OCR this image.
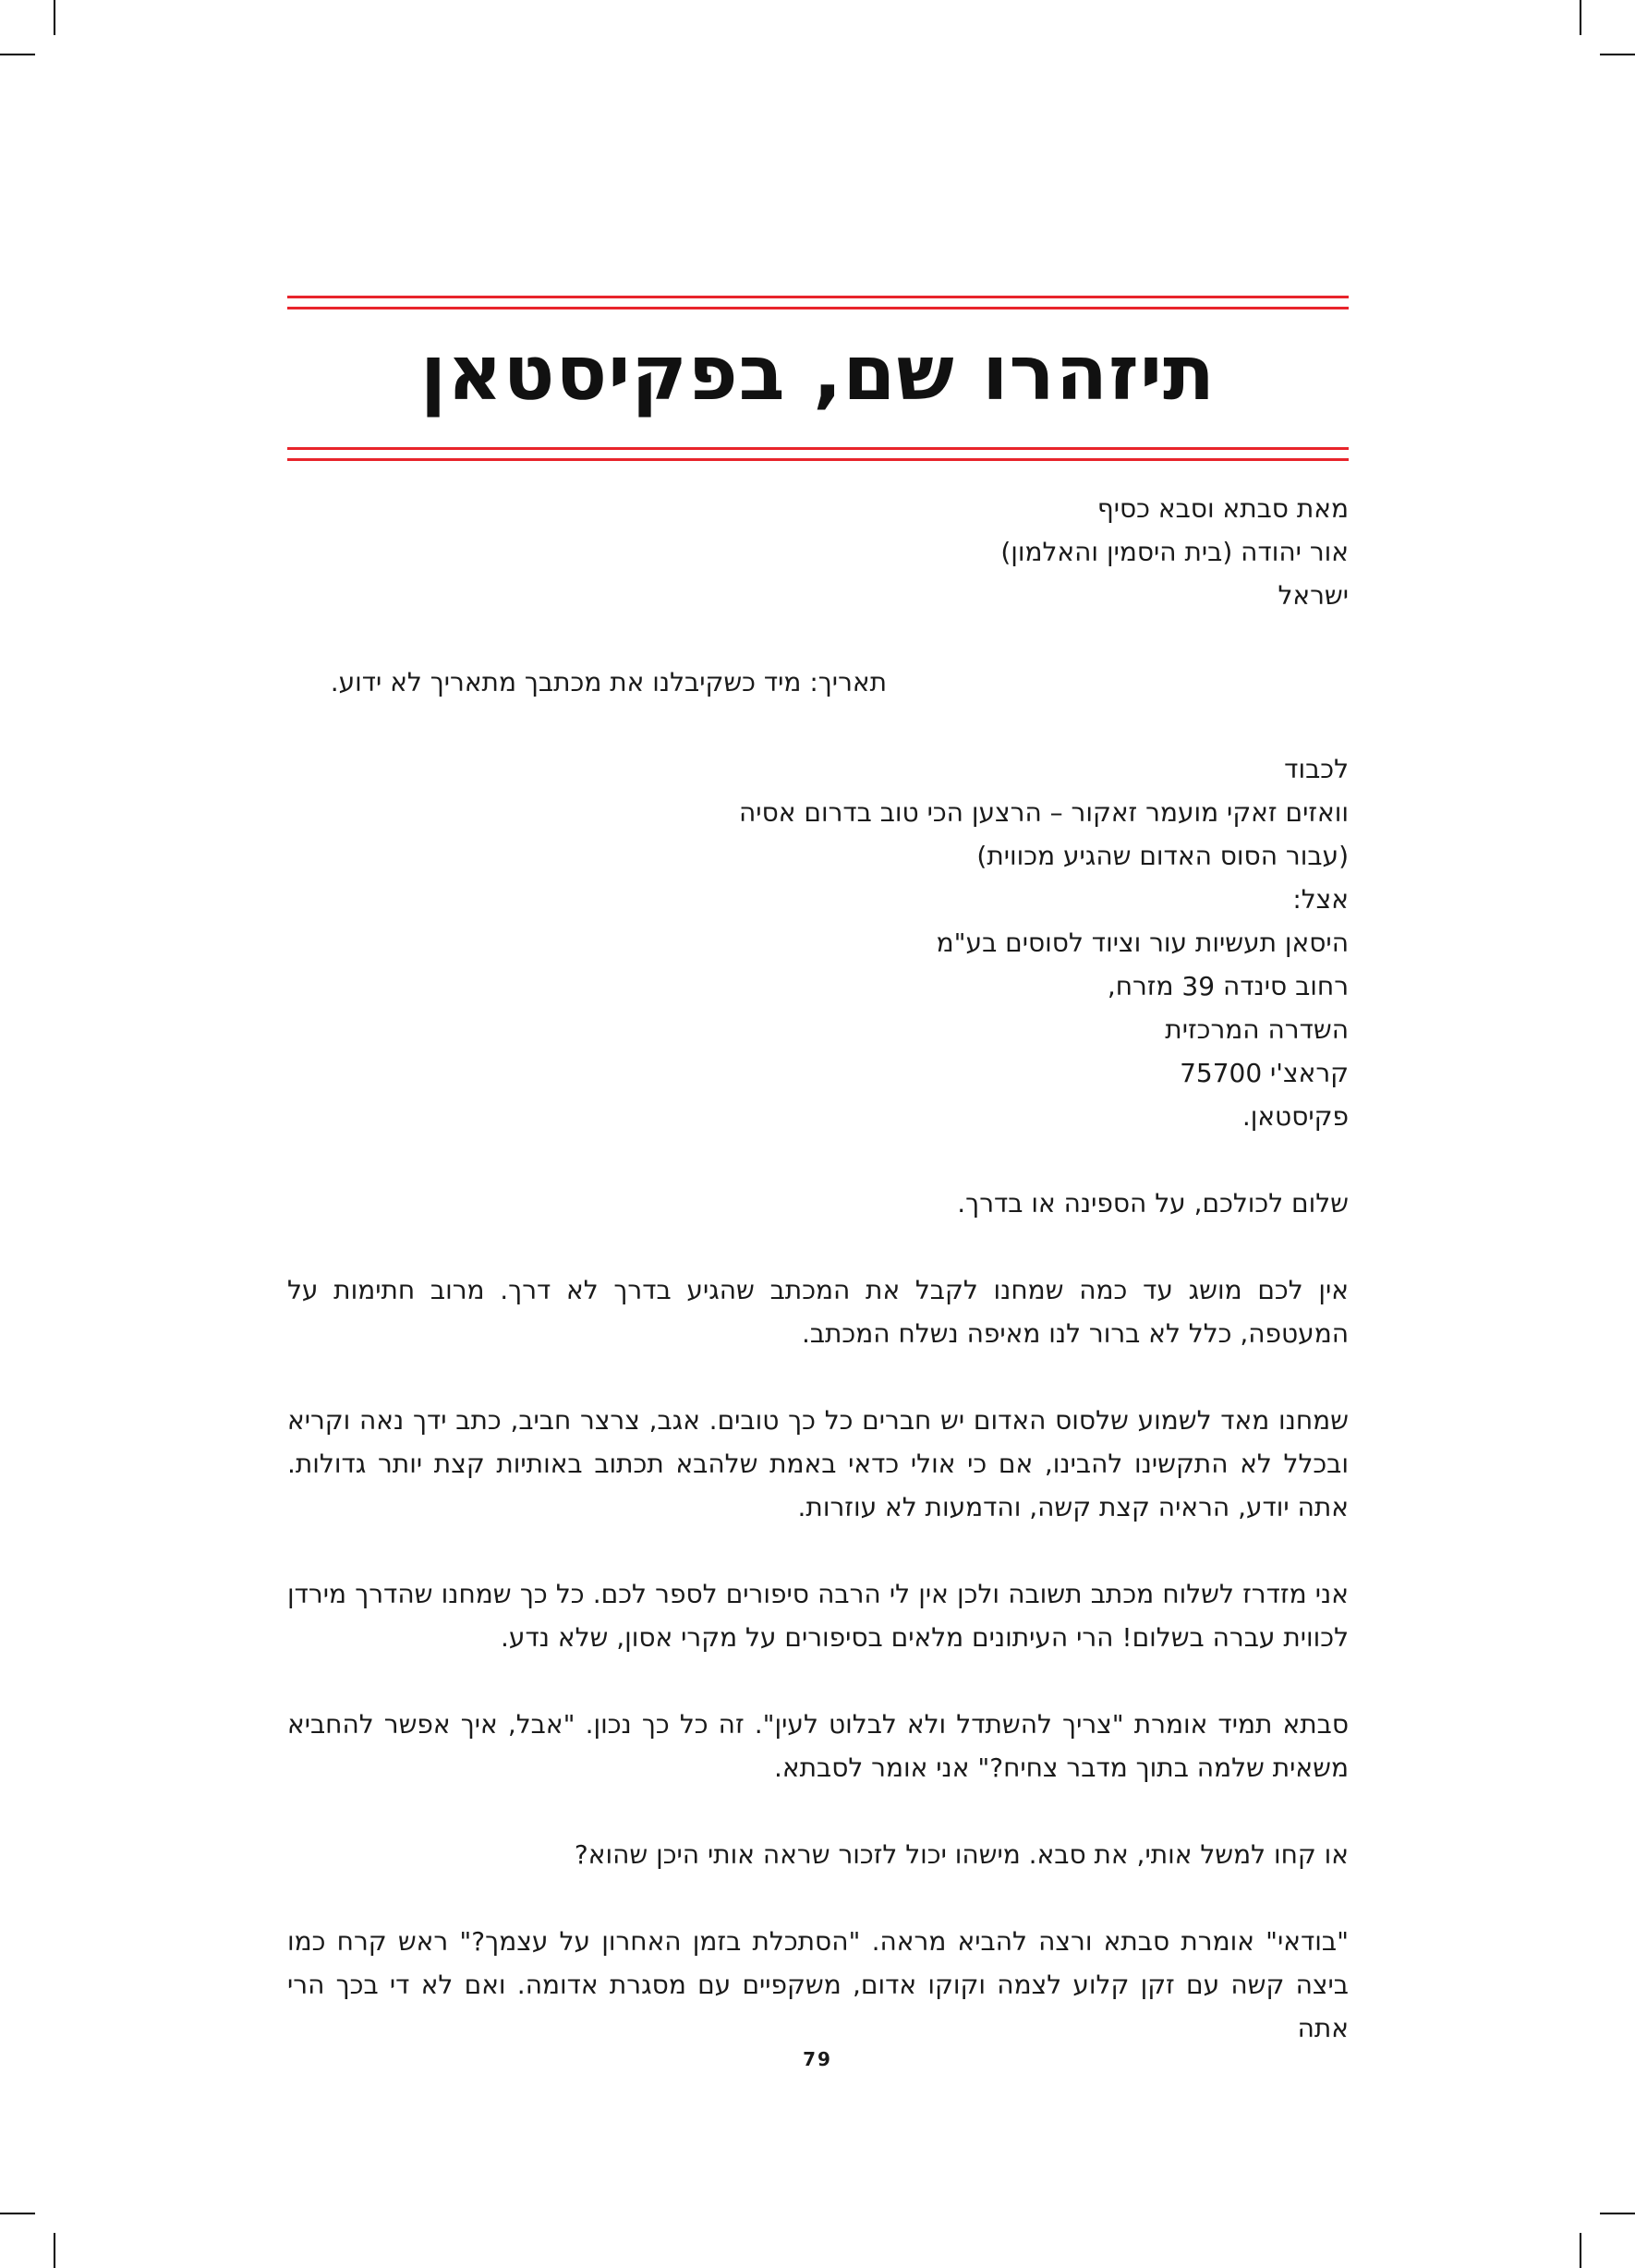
תיזהרו שם, בפקיסטאן
מאת סבתא וסבא כסיף
אור יהודה (בית היסמין והאלמון)
ישראל
תאריך: מיד כשקיבלנו את מכתבך מתאריך לא ידוע.
לכבוד
וואזים זאקי מועמר זאקור – הרצען הכי טוב בדרום אסיה
(עבור הסוס האדום שהגיע מכווית)
אצל:
היסאן תעשיות עור וציוד לסוסים בע"מ
רחוב סינדה 39 מזרח,
השדרה המרכזית
קראצ'י 75700
פקיסטאן.
שלום לכולכם, על הספינה או בדרך.

אין לכם מושג עד כמה שמחנו לקבל את המכתב שהגיע בדרך לא דרך. מרוב חתימות על המעטפה, כלל לא ברור לנו מאיפה נשלח המכתב.

שמחנו מאד לשמוע שלסוס האדום יש חברים כל כך טובים. אגב, צרצר חביב, כתב ידך נאה וקריא ובכלל לא התקשינו להבינו, אם כי אולי כדאי באמת שלהבא תכתוב באותיות קצת יותר גדולות. אתה יודע, הראיה קצת קשה, והדמעות לא עוזרות.

אני מזדרז לשלוח מכתב תשובה ולכן אין לי הרבה סיפורים לספר לכם. כל כך שמחנו שהדרך מירדן לכווית עברה בשלום! הרי העיתונים מלאים בסיפורים על מקרי אסון, שלא נדע.

סבתא תמיד אומרת "צריך להשתדל ולא לבלוט לעין". זה כל כך נכון. "אבל, איך אפשר להחביא משאית שלמה בתוך מדבר צחיח?" אני אומר לסבתא.

או קחו למשל אותי, את סבא. מישהו יכול לזכור שראה אותי היכן שהוא?

"בודאי" אומרת סבתא ורצה להביא מראה. "הסתכלת בזמן האחרון על עצמך?" ראש קרח כמו ביצה קשה עם זקן קלוע לצמה וקוקו אדום, משקפיים עם מסגרת אדומה. ואם לא די בכך הרי אתה

79
